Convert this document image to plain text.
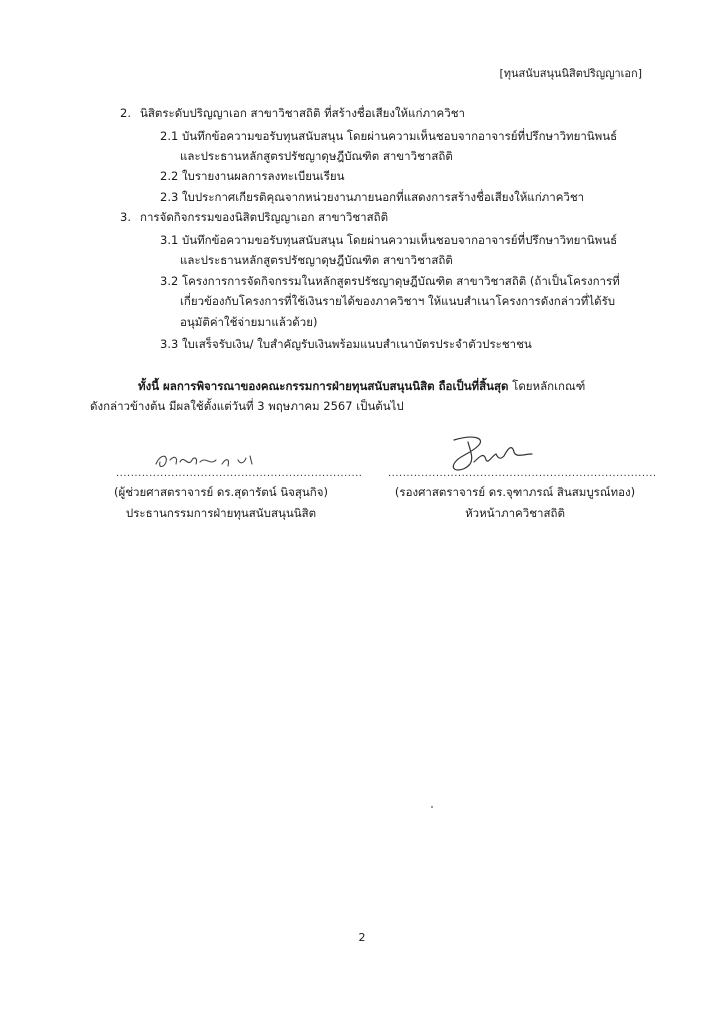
[ทุนสนับสนุนนิสิตปริญญาเอก]
2. นิสิตระดับปริญญาเอก สาขาวิชาสถิติ ที่สร้างชื่อเสียงให้แก่ภาควิชา
2.1 บันทึกข้อความขอรับทุนสนับสนุน โดยผ่านความเห็นชอบจากอาจารย์ที่ปรึกษาวิทยานิพนธ์
และประธานหลักสูตรปรัชญาดุษฎีบัณฑิต สาขาวิชาสถิติ
2.2 ใบรายงานผลการลงทะเบียนเรียน
2.3 ใบประกาศเกียรติคุณจากหน่วยงานภายนอกที่แสดงการสร้างชื่อเสียงให้แก่ภาควิชา
3. การจัดกิจกรรมของนิสิตปริญญาเอก สาขาวิชาสถิติ
3.1 บันทึกข้อความขอรับทุนสนับสนุน โดยผ่านความเห็นชอบจากอาจารย์ที่ปรึกษาวิทยานิพนธ์
และประธานหลักสูตรปรัชญาดุษฎีบัณฑิต สาขาวิชาสถิติ
3.2 โครงการการจัดกิจกรรมในหลักสูตรปรัชญาดุษฎีบัณฑิต สาขาวิชาสถิติ (ถ้าเป็นโครงการที่
เกี่ยวข้องกับโครงการที่ใช้เงินรายได้ของภาควิชาฯ ให้แนบสำเนาโครงการดังกล่าวที่ได้รับ
อนุมัติค่าใช้จ่ายมาแล้วด้วย)
3.3 ใบเสร็จรับเงิน/ ใบสำคัญรับเงินพร้อมแนบสำเนาบัตรประจำตัวประชาชน
ทั้งนี้ ผลการพิจารณาของคณะกรรมการฝ่ายทุนสนับสนุนนิสิต ถือเป็นที่สิ้นสุด โดยหลักเกณฑ์
ดังกล่าวข้างต้น มีผลใช้ตั้งแต่วันที่ 3 พฤษภาคม 2567 เป็นต้นไป
...................................................................
(ผู้ช่วยศาสตราจารย์ ดร.สุดารัตน์ นิจสุนกิจ)
ประธานกรรมการฝ่ายทุนสนับสนุนนิสิต
.........................................................................
(รองศาสตราจารย์ ดร.จุฑาภรณ์ สินสมบูรณ์ทอง)
หัวหน้าภาควิชาสถิติ
2
